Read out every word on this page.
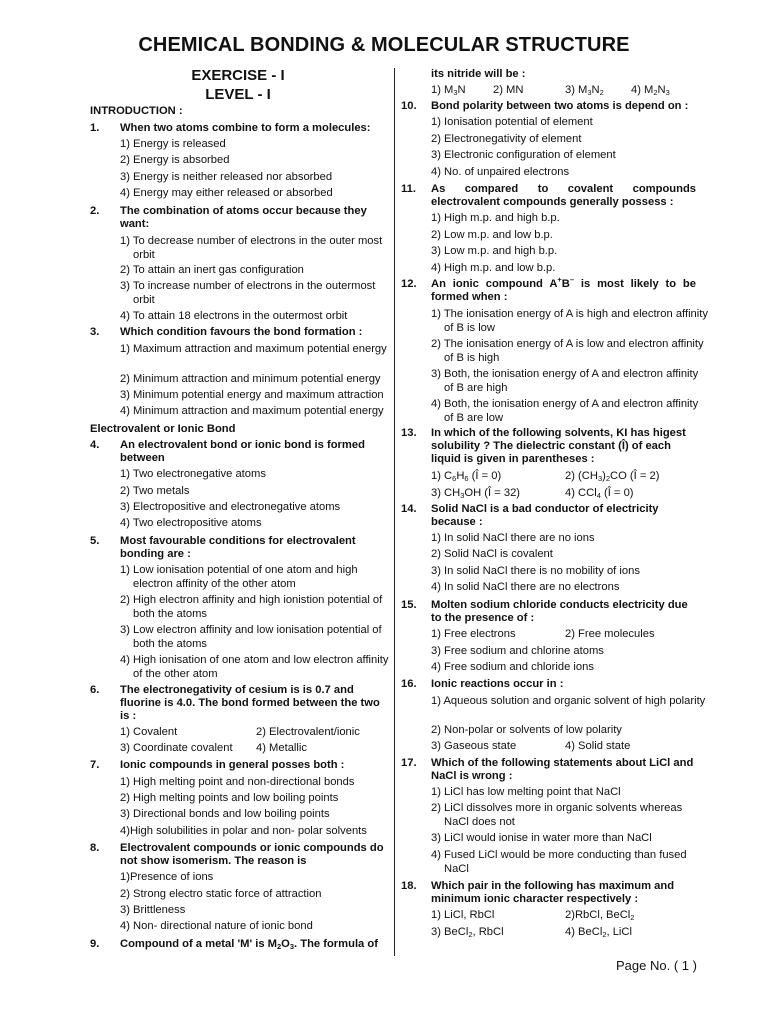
CHEMICAL BONDING & MOLECULAR STRUCTURE
EXERCISE - I
LEVEL - I
INTRODUCTION :
1. When two atoms combine to form a molecules:
1) Energy is released
2) Energy is absorbed
3) Energy is neither released nor absorbed
4) Energy may either released or absorbed
2. The combination of atoms occur because they want:
1) To decrease number of electrons in the outer most orbit
2) To attain an inert gas configuration
3) To increase number of electrons in the outermost orbit
4) To attain 18 electrons in the outermost orbit
3. Which condition favours the bond formation :
1) Maximum attraction and maximum potential energy
2) Minimum attraction and minimum potential energy
3) Minimum potential energy and maximum attraction
4) Minimum attraction and maximum potential energy
Electrovalent or Ionic Bond
4. An electrovalent bond or ionic bond is formed between
1) Two electronegative atoms
2) Two metals
3) Electropositive and electronegative atoms
4) Two electropositive atoms
5. Most favourable conditions for electrovalent bonding are :
1) Low ionisation potential of one atom and high electron affinity of the other atom
2) High electron affinity and high ionistion potential of both the atoms
3) Low electron affinity and low ionisation potential of both the atoms
4) High ionisation of one atom and low electron affinity of the other atom
6. The electronegativity of cesium is is 0.7 and fluorine is 4.0. The bond formed between the two is :
1) Covalent	2) Electrovalent/ionic
3) Coordinate covalent 4) Metallic
7. Ionic compounds in general posses both :
1) High melting point and non-directional bonds
2) High melting points and low boiling points
3) Directional bonds and low boiling points
4)High solubilities in polar and non- polar solvents
8. Electrovalent compounds or ionic compounds do not show isomerism. The reason is
1)Presence of ions
2) Strong electro static force of attraction
3) Brittleness
4) Non- directional nature of ionic bond
9. Compound of a metal 'M' is $M_2O_3$. The formula of
its nitride will be :
1) $M_3N$ 2) MN	3) $M_3N_2$ 4) $M_2N_3$
10. Bond polarity between two atoms is depend on :
1) Ionisation potential of element
2) Electronegativity of element
3) Electronic configuration of element
4) No. of unpaired electrons
11. As compared to covalent compounds
electrovalent compounds generally possess :
1) High m.p. and high b.p.
2) Low m.p. and low b.p.
3) Low m.p. and high b.p.
4) High m.p. and low b.p.
12. An ionic compound A+B– is most likely to be
formed when :
1) The ionisation energy of A is high and electron affinity of B is low
2) The ionisation energy of A is low and electron affinity of B is high
3) Both, the ionisation energy of A and electron affinity of B are high
4) Both, the ionisation energy of A and electron affinity of B are low
13. In which of the following solvents, KI has higest solubility ? The dielectric constant (Î) of each liquid is given in parentheses :
1) $C_6H_6$ (Î = 0)	2) $(CH_3)_2CO$ (Î = 2)
3) $CH_3OH$ (Î = 32)	4) CCl$_4$ (Î = 0)
14. Solid NaCl is a bad conductor of electricity because :
1) In solid NaCl there are no ions
2) Solid NaCl is covalent
3) In solid NaCl there is no mobility of ions
4) In solid NaCl there are no electrons
15. Molten sodium chloride conducts electricity due to the presence of :
1) Free electrons	2) Free molecules
3) Free sodium and chlorine atoms
4) Free sodium and chloride ions
16. Ionic reactions occur in :
1) Aqueous solution and organic solvent of high polarity
2) Non-polar or solvents of low polarity
3) Gaseous state	4) Solid state
17. Which of the following statements about LiCl and NaCl is wrong :
1) LiCl has low melting point that NaCl
2) LiCl dissolves more in organic solvents whereas NaCl does not
3) LiCl would ionise in water more than NaCl
4) Fused LiCl would be more conducting than fused NaCl
18. Which pair in the following has maximum and minimum ionic character respectively :
1) LiCl, RbCl	2)RbCl, BeCl$_2$
3) BeCl$_2$, RbCl	4) BeCl$_2$, LiCl
Page No. ( 1 )
